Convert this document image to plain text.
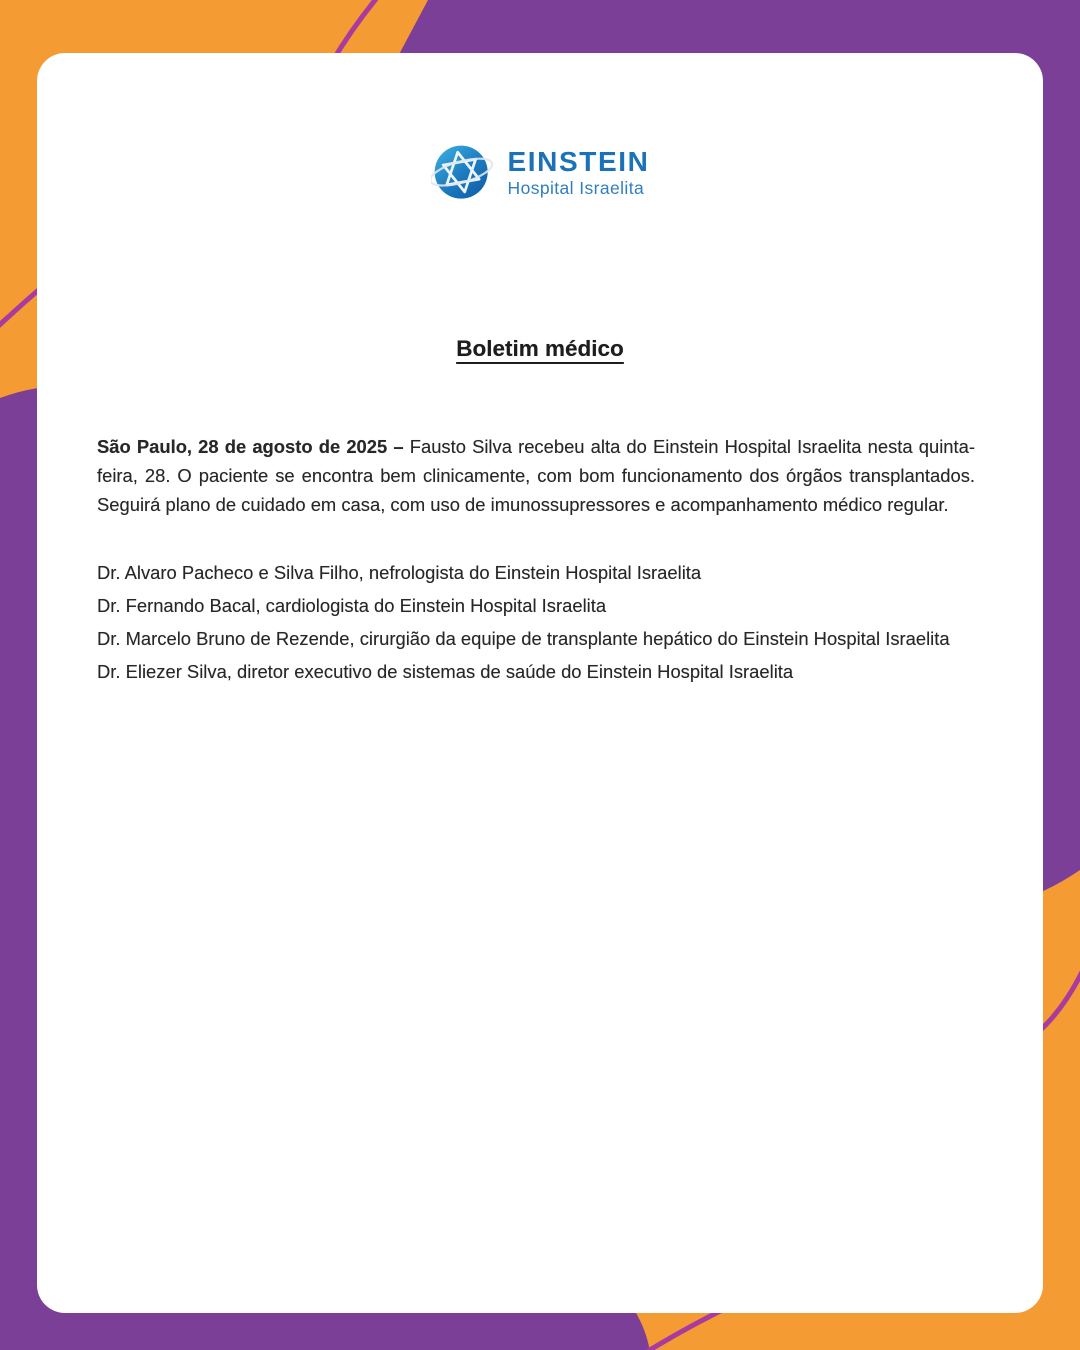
EINSTEIN
Hospital Israelita
Boletim médico

São Paulo, 28 de agosto de 2025 – Fausto Silva recebeu alta do Einstein Hospital Israelita nesta quinta-feira, 28. O paciente se encontra bem clinicamente, com bom funcionamento dos órgãos transplantados. Seguirá plano de cuidado em casa, com uso de imunossupressores e acompanhamento médico regular.

Dr. Alvaro Pacheco e Silva Filho, nefrologista do Einstein Hospital Israelita
Dr. Fernando Bacal, cardiologista do Einstein Hospital Israelita
Dr. Marcelo Bruno de Rezende, cirurgião da equipe de transplante hepático do Einstein Hospital Israelita
Dr. Eliezer Silva, diretor executivo de sistemas de saúde do Einstein Hospital Israelita
